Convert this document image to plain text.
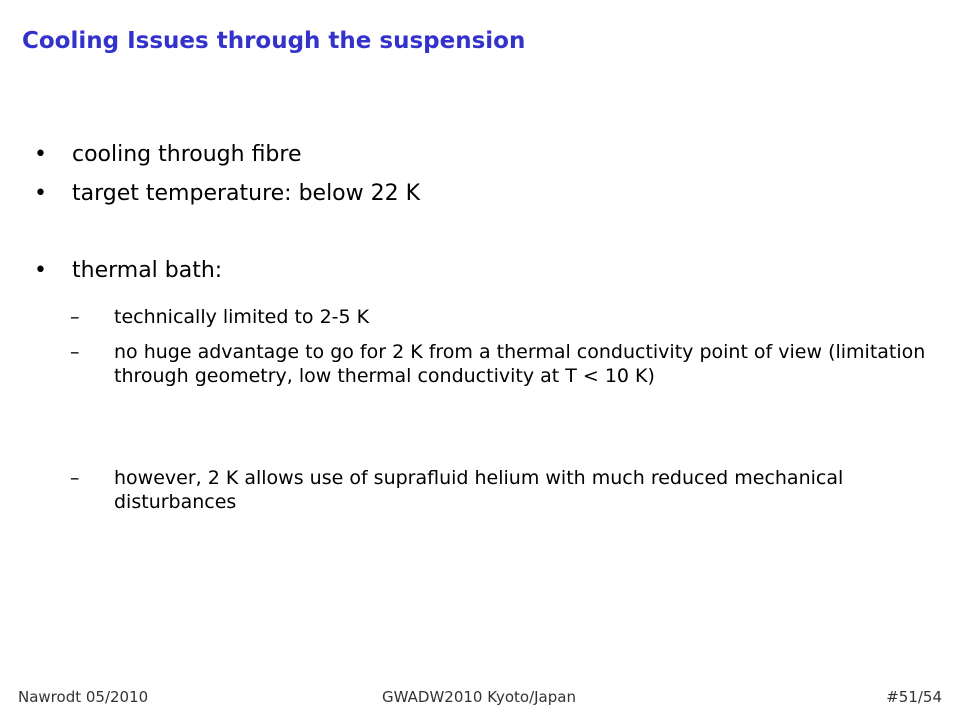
Cooling Issues through the suspension
• cooling through fibre
• target temperature: below 22 K
• thermal bath:
– technically limited to 2-5 K
– no huge advantage to go for 2 K from a thermal conductivity point of view (limitation through geometry, low thermal conductivity at T < 10 K)
– however, 2 K allows use of suprafluid helium with much reduced mechanical disturbances
Nawrodt 05/2010	GWADW2010 Kyoto/Japan	#51/54
